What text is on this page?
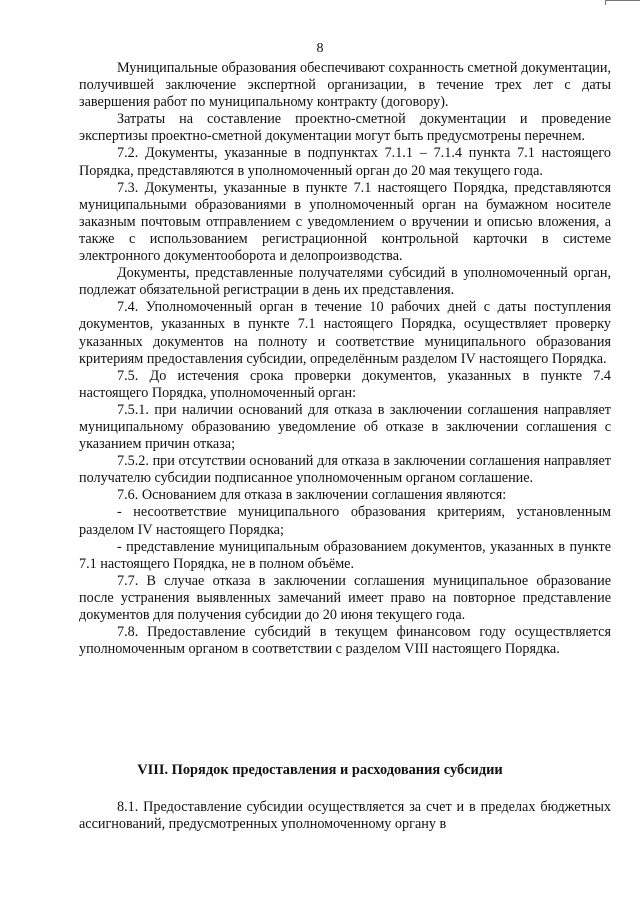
8

Муниципальные образования обеспечивают сохранность сметной документации, получившей заключение экспертной организации, в течение трех лет с даты завершения работ по муниципальному контракту (договору).

Затраты на составление проектно-сметной документации и проведение экспертизы проектно-сметной документации могут быть предусмотрены перечнем.

7.2. Документы, указанные в подпунктах 7.1.1 – 7.1.4 пункта 7.1 настоящего Порядка, представляются в уполномоченный орган до 20 мая текущего года.

7.3. Документы, указанные в пункте 7.1 настоящего Порядка, представляются муниципальными образованиями в уполномоченный орган на бумажном носителе заказным почтовым отправлением с уведомлением о вручении и описью вложения, а также с использованием регистрационной контрольной карточки в системе электронного документооборота и делопроизводства.

Документы, представленные получателями субсидий в уполномоченный орган, подлежат обязательной регистрации в день их представления.

7.4. Уполномоченный орган в течение 10 рабочих дней с даты поступления документов, указанных в пункте 7.1 настоящего Порядка, осуществляет проверку указанных документов на полноту и соответствие муниципального образования критериям предоставления субсидии, определённым разделом IV настоящего Порядка.

7.5. До истечения срока проверки документов, указанных в пункте 7.4 настоящего Порядка, уполномоченный орган:

7.5.1. при наличии оснований для отказа в заключении соглашения направляет муниципальному образованию уведомление об отказе в заключении соглашения с указанием причин отказа;

7.5.2. при отсутствии оснований для отказа в заключении соглашения направляет получателю субсидии подписанное уполномоченным органом соглашение.

7.6. Основанием для отказа в заключении соглашения являются:

- несоответствие муниципального образования критериям, установленным разделом IV настоящего Порядка;

- представление муниципальным образованием документов, указанных в пункте 7.1 настоящего Порядка, не в полном объёме.

7.7. В случае отказа в заключении соглашения муниципальное образование после устранения выявленных замечаний имеет право на повторное представление документов для получения субсидии до 20 июня текущего года.

7.8. Предоставление субсидий в текущем финансовом году осуществляется уполномоченным органом в соответствии с разделом VIII настоящего Порядка.

VIII. Порядок предоставления и расходования субсидии

8.1. Предоставление субсидии осуществляется за счет и в пределах бюджетных ассигнований, предусмотренных уполномоченному органу в
